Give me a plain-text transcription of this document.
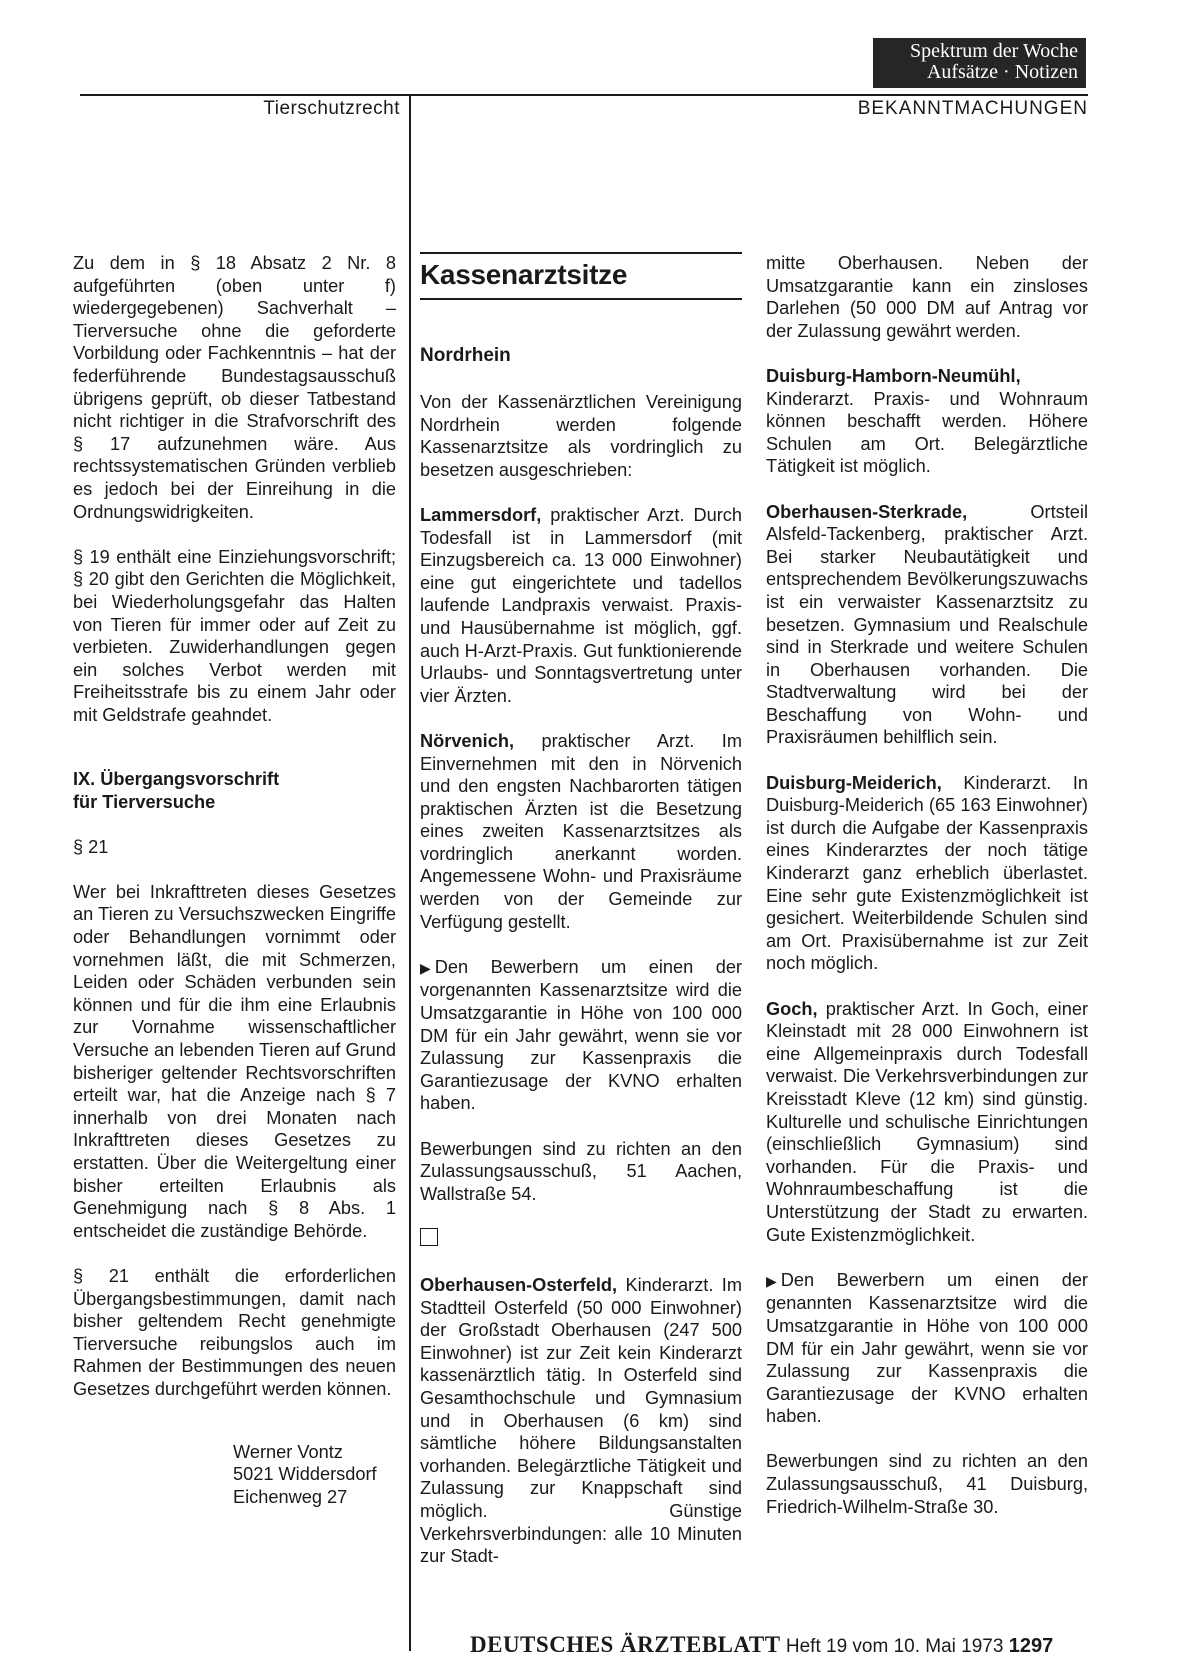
Spektrum der Woche
Aufsätze · Notizen
Tierschutzrecht	BEKANNTMACHUNGEN

Zu dem in § 18 Absatz 2 Nr. 8 aufgeführten (oben unter f) wiedergegebenen) Sachverhalt – Tierversuche ohne die geforderte Vorbildung oder Fachkenntnis – hat der federführende Bundestagsausschuß übrigens geprüft, ob dieser Tatbestand nicht richtiger in die Strafvorschrift des § 17 aufzunehmen wäre. Aus rechtssystematischen Gründen verblieb es jedoch bei der Einreihung in die Ordnungswidrigkeiten.

§ 19 enthält eine Einziehungsvorschrift; § 20 gibt den Gerichten die Möglichkeit, bei Wiederholungsgefahr das Halten von Tieren für immer oder auf Zeit zu verbieten. Zuwiderhandlungen gegen ein solches Verbot werden mit Freiheitsstrafe bis zu einem Jahr oder mit Geldstrafe geahndet.

IX. Übergangsvorschrift
für Tierversuche

§ 21

Wer bei Inkrafttreten dieses Gesetzes an Tieren zu Versuchszwecken Eingriffe oder Behandlungen vornimmt oder vornehmen läßt, die mit Schmerzen, Leiden oder Schäden verbunden sein können und für die ihm eine Erlaubnis zur Vornahme wissenschaftlicher Versuche an lebenden Tieren auf Grund bisheriger geltender Rechtsvorschriften erteilt war, hat die Anzeige nach § 7 innerhalb von drei Monaten nach Inkrafttreten dieses Gesetzes zu erstatten. Über die Weitergeltung einer bisher erteilten Erlaubnis als Genehmigung nach § 8 Abs. 1 entscheidet die zuständige Behörde.

§ 21 enthält die erforderlichen Übergangsbestimmungen, damit nach bisher geltendem Recht genehmigte Tierversuche reibungslos auch im Rahmen der Bestimmungen des neuen Gesetzes durchgeführt werden können.

Werner Vontz
5021 Widdersdorf
Eichenweg 27
Kassenarztsitze
Nordrhein

Von der Kassenärztlichen Vereinigung Nordrhein werden folgende Kassenarztsitze als vordringlich zu besetzen ausgeschrieben:

Lammersdorf, praktischer Arzt. Durch Todesfall ist in Lammersdorf (mit Einzugsbereich ca. 13 000 Einwohner) eine gut eingerichtete und tadellos laufende Landpraxis verwaist. Praxis- und Hausübernahme ist möglich, ggf. auch H-Arzt-Praxis. Gut funktionierende Urlaubs- und Sonntagsvertretung unter vier Ärzten.

Nörvenich, praktischer Arzt. Im Einvernehmen mit den in Nörvenich und den engsten Nachbarorten tätigen praktischen Ärzten ist die Besetzung eines zweiten Kassenarztsitzes als vordringlich anerkannt worden. Angemessene Wohn- und Praxisräume werden von der Gemeinde zur Verfügung gestellt.

▶ Den Bewerbern um einen der vorgenannten Kassenarztsitze wird die Umsatzgarantie in Höhe von 100 000 DM für ein Jahr gewährt, wenn sie vor Zulassung zur Kassenpraxis die Garantiezusage der KVNO erhalten haben.

Bewerbungen sind zu richten an den Zulassungsausschuß, 51 Aachen, Wallstraße 54.

Oberhausen-Osterfeld, Kinderarzt. Im Stadtteil Osterfeld (50 000 Einwohner) der Großstadt Oberhausen (247 500 Einwohner) ist zur Zeit kein Kinderarzt kassenärztlich tätig. In Osterfeld sind Gesamthochschule und Gymnasium und in Oberhausen (6 km) sind sämtliche höhere Bildungsanstalten vorhanden. Belegärztliche Tätigkeit und Zulassung zur Knappschaft sind möglich. Günstige Verkehrsverbindungen: alle 10 Minuten zur Stadt-

mitte Oberhausen. Neben der Umsatzgarantie kann ein zinsloses Darlehen (50 000 DM auf Antrag vor der Zulassung gewährt werden.

Duisburg-Hamborn-Neumühl, Kinderarzt. Praxis- und Wohnraum können beschafft werden. Höhere Schulen am Ort. Belegärztliche Tätigkeit ist möglich.

Oberhausen-Sterkrade, Ortsteil Alsfeld-Tackenberg, praktischer Arzt. Bei starker Neubautätigkeit und entsprechendem Bevölkerungszuwachs ist ein verwaister Kassenarztsitz zu besetzen. Gymnasium und Realschule sind in Sterkrade und weitere Schulen in Oberhausen vorhanden. Die Stadtverwaltung wird bei der Beschaffung von Wohn- und Praxisräumen behilflich sein.

Duisburg-Meiderich, Kinderarzt. In Duisburg-Meiderich (65 163 Einwohner) ist durch die Aufgabe der Kassenpraxis eines Kinderarztes der noch tätige Kinderarzt ganz erheblich überlastet. Eine sehr gute Existenzmöglichkeit ist gesichert. Weiterbildende Schulen sind am Ort. Praxisübernahme ist zur Zeit noch möglich.

Goch, praktischer Arzt. In Goch, einer Kleinstadt mit 28 000 Einwohnern ist eine Allgemeinpraxis durch Todesfall verwaist. Die Verkehrsverbindungen zur Kreisstadt Kleve (12 km) sind günstig. Kulturelle und schulische Einrichtungen (einschließlich Gymnasium) sind vorhanden. Für die Praxis- und Wohnraumbeschaffung ist die Unterstützung der Stadt zu erwarten. Gute Existenzmöglichkeit.

▶ Den Bewerbern um einen der genannten Kassenarztsitze wird die Umsatzgarantie in Höhe von 100 000 DM für ein Jahr gewährt, wenn sie vor Zulassung zur Kassenpraxis die Garantiezusage der KVNO erhalten haben.

Bewerbungen sind zu richten an den Zulassungsausschuß, 41 Duisburg, Friedrich-Wilhelm-Straße 30.

DEUTSCHES ÄRZTEBLATT Heft 19 vom 10. Mai 1973 1297
